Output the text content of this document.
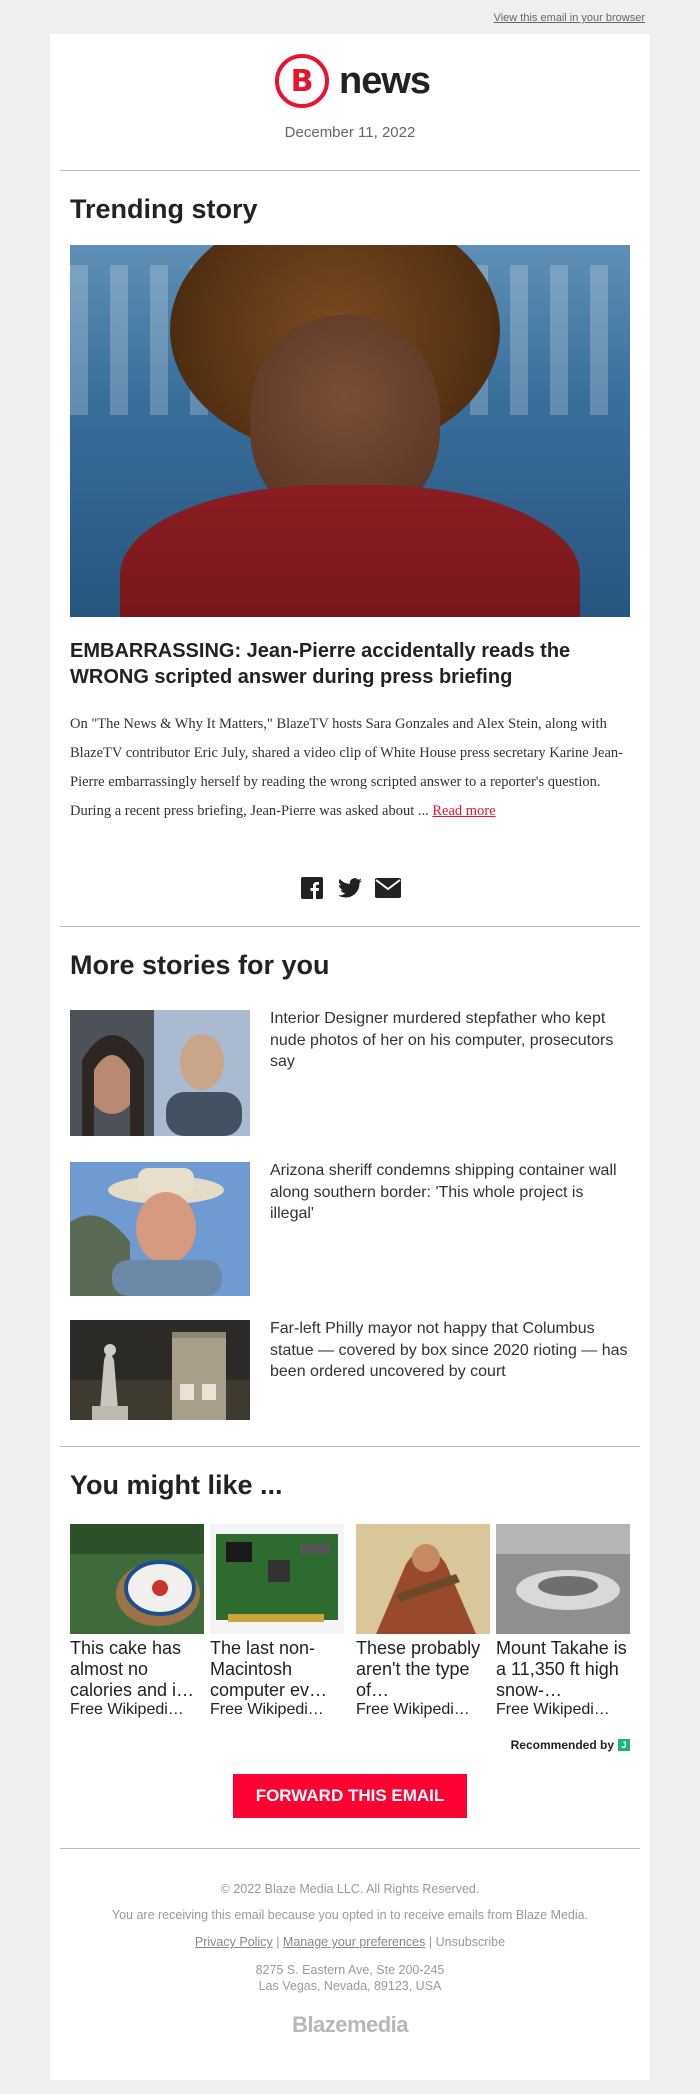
View this email in your browser
B news
December 11, 2022
Trending story
EMBARRASSING: Jean-Pierre accidentally reads the WRONG scripted answer during press briefing
On "The News & Why It Matters," BlazeTV hosts Sara Gonzales and Alex Stein, along with BlazeTV contributor Eric July, shared a video clip of White House press secretary Karine Jean-Pierre embarrassingly herself by reading the wrong scripted answer to a reporter's question. During a recent press briefing, Jean-Pierre was asked about ... Read more
More stories for you
Interior Designer murdered stepfather who kept nude photos of her on his computer, prosecutors say
Arizona sheriff condemns shipping container wall along southern border: 'This whole project is illegal'
Far-left Philly mayor not happy that Columbus statue — covered by box since 2020 rioting — has been ordered uncovered by court
You might like ...
This cake has almost no calories and i…
Free Wikipedi…
The last non-Macintosh computer ev…
Free Wikipedi…
These probably aren't the type of…
Free Wikipedi…
Mount Takahe is a 11,350 ft high snow-…
Free Wikipedi…
Recommended by J
FORWARD THIS EMAIL
© 2022 Blaze Media LLC. All Rights Reserved.
You are receiving this email because you opted in to receive emails from Blaze Media.
Privacy Policy | Manage your preferences | Unsubscribe
8275 S. Eastern Ave, Ste 200-245
Las Vegas, Nevada, 89123, USA
Blazemedia
